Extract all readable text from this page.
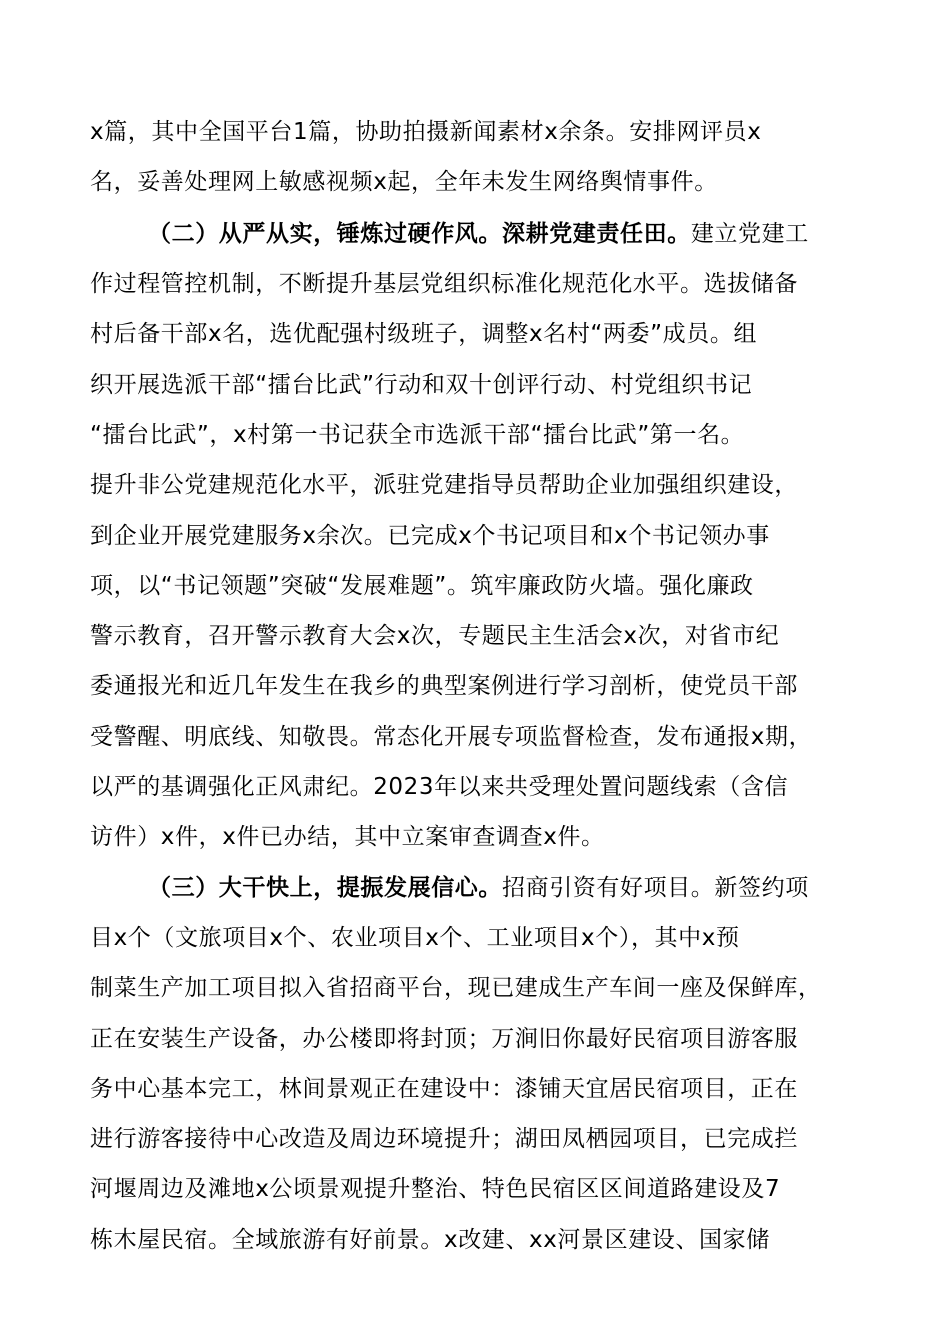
x篇，其中全国平台1篇，协助拍摄新闻素材x余条。安排网评员x
名，妥善处理网上敏感视频x起，全年未发生网络舆情事件。
（二）从严从实，锤炼过硬作风。深耕党建责任田。建立党建工
作过程管控机制，不断提升基层党组织标准化规范化水平。选拔储备
村后备干部x名，选优配强村级班子，调整x名村“两委”成员。组
织开展选派干部“擂台比武”行动和双十创评行动、村党组织书记
“擂台比武”，x村第一书记获全市选派干部“擂台比武”第一名。
提升非公党建规范化水平，派驻党建指导员帮助企业加强组织建设，
到企业开展党建服务x余次。已完成x个书记项目和x个书记领办事
项，以“书记领题”突破“发展难题”。筑牢廉政防火墙。强化廉政
警示教育，召开警示教育大会x次，专题民主生活会x次，对省市纪
委通报光和近几年发生在我乡的典型案例进行学习剖析，使党员干部
受警醒、明底线、知敬畏。常态化开展专项监督检查，发布通报x期，
以严的基调强化正风肃纪。2023年以来共受理处置问题线索（含信
访件）x件，x件已办结，其中立案审查调查x件。
（三）大干快上，提振发展信心。招商引资有好项目。新签约项
目x个（文旅项目x个、农业项目x个、工业项目x个），其中x预
制菜生产加工项目拟入省招商平台，现已建成生产车间一座及保鲜库，
正在安装生产设备，办公楼即将封顶；万涧旧你最好民宿项目游客服
务中心基本完工，林间景观正在建设中：漆铺天宜居民宿项目，正在
进行游客接待中心改造及周边环境提升；湖田凤栖园项目，已完成拦
河堰周边及滩地x公顷景观提升整治、特色民宿区区间道路建设及7
栋木屋民宿。全域旅游有好前景。x改建、xx河景区建设、国家储
